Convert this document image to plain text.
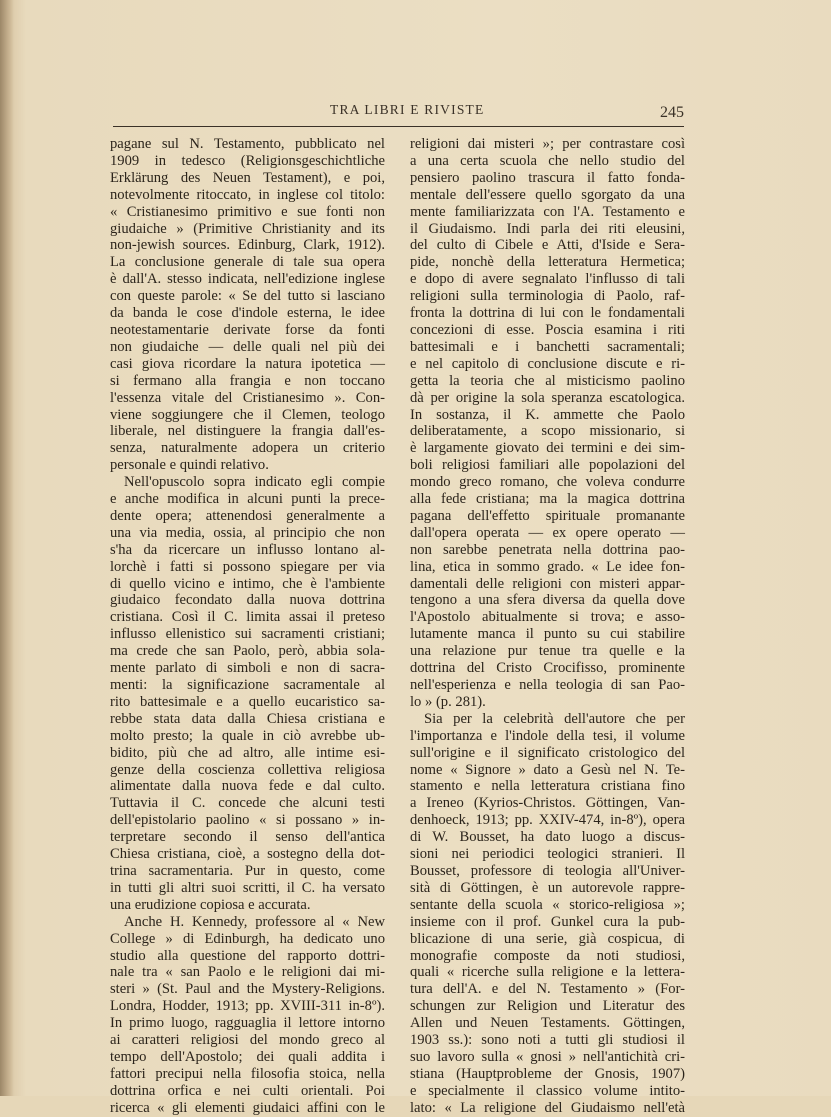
TRA LIBRI E RIVISTE	245
pagane sul N. Testamento, pubblicato nel
1909 in tedesco (Religionsgeschichtliche
Erklärung des Neuen Testament), e poi,
notevolmente ritoccato, in inglese col titolo:
« Cristianesimo primitivo e sue fonti non
giudaiche » (Primitive Christianity and its
non-jewish sources. Edinburg, Clark, 1912).
La conclusione generale di tale sua opera
è dall'A. stesso indicata, nell'edizione inglese
con queste parole: « Se del tutto si lasciano
da banda le cose d'indole esterna, le idee
neotestamentarie derivate forse da fonti
non giudaiche — delle quali nel più dei
casi giova ricordare la natura ipotetica —
si fermano alla frangia e non toccano
l'essenza vitale del Cristianesimo ». Con-
viene soggiungere che il Clemen, teologo
liberale, nel distinguere la frangia dall'es-
senza, naturalmente adopera un criterio
personale e quindi relativo.
Nell'opuscolo sopra indicato egli compie
e anche modifica in alcuni punti la prece-
dente opera; attenendosi generalmente a
una via media, ossia, al principio che non
s'ha da ricercare un influsso lontano al-
lorchè i fatti si possono spiegare per via
di quello vicino e intimo, che è l'ambiente
giudaico fecondato dalla nuova dottrina
cristiana. Così il C. limita assai il preteso
influsso ellenistico sui sacramenti cristiani;
ma crede che san Paolo, però, abbia sola-
mente parlato di simboli e non di sacra-
menti: la significazione sacramentale al
rito battesimale e a quello eucaristico sa-
rebbe stata data dalla Chiesa cristiana e
molto presto; la quale in ciò avrebbe ub-
bidito, più che ad altro, alle intime esi-
genze della coscienza collettiva religiosa
alimentate dalla nuova fede e dal culto.
Tuttavia il C. concede che alcuni testi
dell'epistolario paolino « si possano » in-
terpretare secondo il senso dell'antica
Chiesa cristiana, cioè, a sostegno della dot-
trina sacramentaria. Pur in questo, come
in tutti gli altri suoi scritti, il C. ha versato
una erudizione copiosa e accurata.
Anche H. Kennedy, professore al « New
College » di Edinburgh, ha dedicato uno
studio alla questione del rapporto dottri-
nale tra « san Paolo e le religioni dai mi-
steri » (St. Paul and the Mystery-Religions.
Londra, Hodder, 1913; pp. XVIII-311 in-8º).
In primo luogo, ragguaglia il lettore intorno
ai caratteri religiosi del mondo greco al
tempo dell'Apostolo; dei quali addita i
fattori precipui nella filosofia stoica, nella
dottrina orfica e nei culti orientali. Poi
ricerca « gli elementi giudaici affini con le
religioni dai misteri »; per contrastare così
a una certa scuola che nello studio del
pensiero paolino trascura il fatto fonda-
mentale dell'essere quello sgorgato da una
mente familiarizzata con l'A. Testamento e
il Giudaismo. Indi parla dei riti eleusini,
del culto di Cibele e Atti, d'Iside e Sera-
pide, nonchè della letteratura Hermetica;
e dopo di avere segnalato l'influsso di tali
religioni sulla terminologia di Paolo, raf-
fronta la dottrina di lui con le fondamentali
concezioni di esse. Poscia esamina i riti
battesimali e i banchetti sacramentali;
e nel capitolo di conclusione discute e ri-
getta la teoria che al misticismo paolino
dà per origine la sola speranza escatologica.
In sostanza, il K. ammette che Paolo
deliberatamente, a scopo missionario, si
è largamente giovato dei termini e dei sim-
boli religiosi familiari alle popolazioni del
mondo greco romano, che voleva condurre
alla fede cristiana; ma la magica dottrina
pagana dell'effetto spirituale promanante
dall'opera operata — ex opere operato —
non sarebbe penetrata nella dottrina pao-
lina, etica in sommo grado. « Le idee fon-
damentali delle religioni con misteri appar-
tengono a una sfera diversa da quella dove
l'Apostolo abitualmente si trova; e asso-
lutamente manca il punto su cui stabilire
una relazione pur tenue tra quelle e la
dottrina del Cristo Crocifisso, prominente
nell'esperienza e nella teologia di san Pao-
lo » (p. 281).
Sia per la celebrità dell'autore che per
l'importanza e l'indole della tesi, il volume
sull'origine e il significato cristologico del
nome « Signore » dato a Gesù nel N. Te-
stamento e nella letteratura cristiana fino
a Ireneo (Kyrios-Christos. Göttingen, Van-
denhoeck, 1913; pp. XXIV-474, in-8º), opera
di W. Bousset, ha dato luogo a discus-
sioni nei periodici teologici stranieri. Il
Bousset, professore di teologia all'Univer-
sità di Göttingen, è un autorevole rappre-
sentante della scuola « storico-religiosa »;
insieme con il prof. Gunkel cura la pub-
blicazione di una serie, già cospicua, di
monografie composte da noti studiosi,
quali « ricerche sulla religione e la lettera-
tura dell'A. e del N. Testamento » (For-
schungen zur Religion und Literatur des
Allen und Neuen Testaments. Göttingen,
1903 ss.): sono noti a tutti gli studiosi il
suo lavoro sulla « gnosi » nell'antichità cri-
stiana (Hauptprobleme der Gnosis, 1907)
e specialmente il classico volume intito-
lato: « La religione del Giudaismo nell'età
